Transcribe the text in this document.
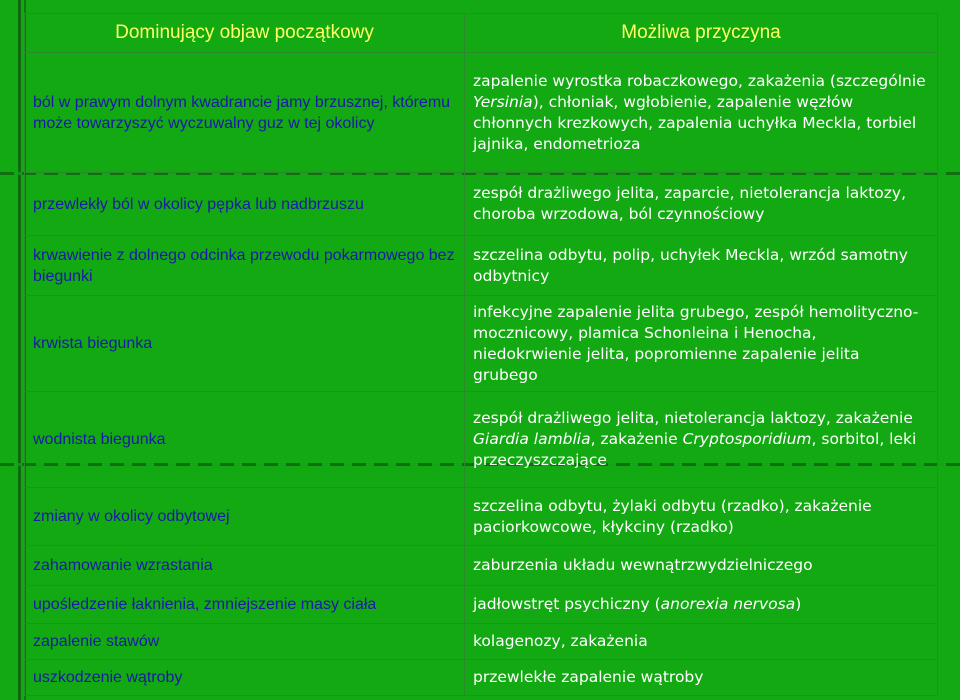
Dominujący objaw początkowy	Możliwa przyczyna
ból w prawym dolnym kwadrancie jamy brzusznej, któremu może towarzyszyć wyczuwalny guz w tej okolicy	zapalenie wyrostka robaczkowego, zakażenia (szczególnie Yersinia), chłoniak, wgłobienie, zapalenie węzłów chłonnych krezkowych, zapalenia uchyłka Meckla, torbiel jajnika, endometrioza
przewlekły ból w okolicy pępka lub nadbrzuszu	zespół drażliwego jelita, zaparcie, nietolerancja laktozy, choroba wrzodowa, ból czynnościowy
krwawienie z dolnego odcinka przewodu pokarmowego bez biegunki	szczelina odbytu, polip, uchyłek Meckla, wrzód samotny odbytnicy
krwista biegunka	infekcyjne zapalenie jelita grubego, zespół hemolityczno-mocznicowy, plamica Schonleina i Henocha, niedokrwienie jelita, popromienne zapalenie jelita grubego
wodnista biegunka	zespół drażliwego jelita, nietolerancja laktozy, zakażenie Giardia lamblia, zakażenie Cryptosporidium, sorbitol, leki przeczyszczające
zmiany w okolicy odbytowej	szczelina odbytu, żylaki odbytu (rzadko), zakażenie paciorkowcowe, kłykciny (rzadko)
zahamowanie wzrastania	zaburzenia układu wewnątrzwydzielniczego
upośledzenie łaknienia, zmniejszenie masy ciała	jadłowstręt psychiczny (anorexia nervosa)
zapalenie stawów	kolagenozy, zakażenia
uszkodzenie wątroby	przewlekłe zapalenie wątroby
